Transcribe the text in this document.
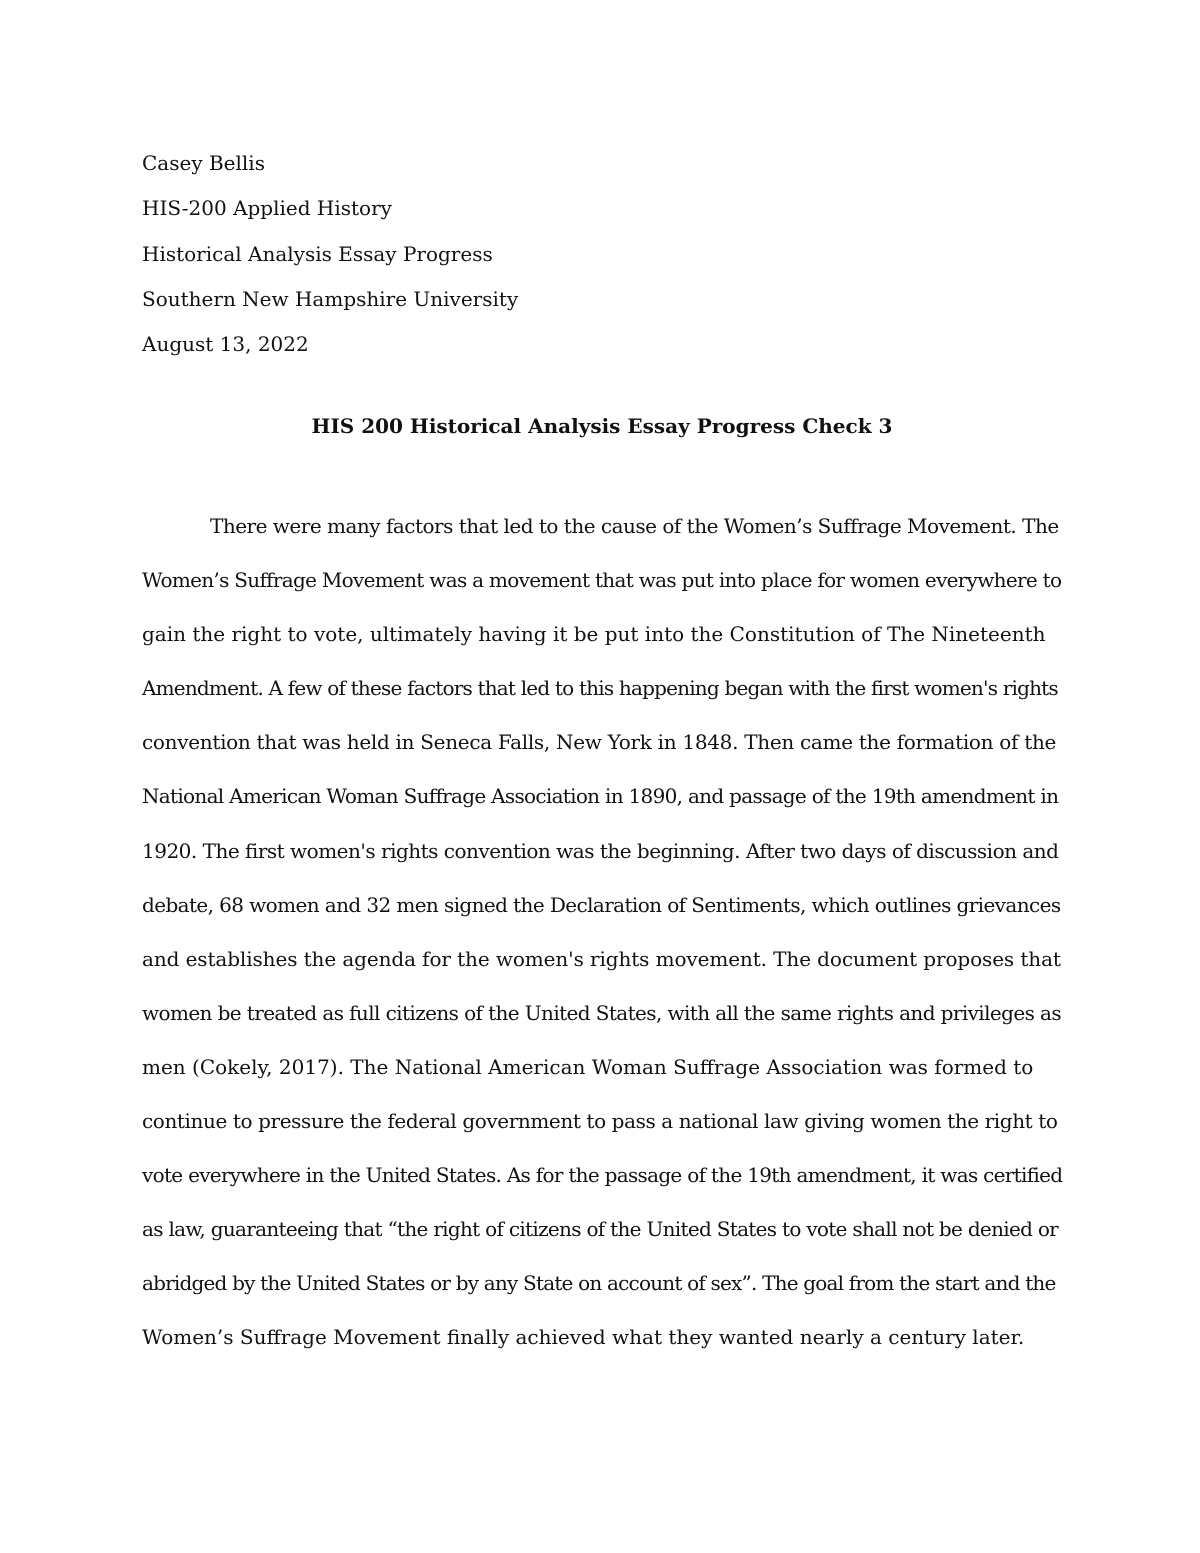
Casey Bellis
HIS-200 Applied History
Historical Analysis Essay Progress
Southern New Hampshire University
August 13, 2022
HIS 200 Historical Analysis Essay Progress Check 3
There were many factors that led to the cause of the Women’s Suffrage Movement. The
Women’s Suffrage Movement was a movement that was put into place for women everywhere to
gain the right to vote, ultimately having it be put into the Constitution of The Nineteenth
Amendment. A few of these factors that led to this happening began with the first women's rights
convention that was held in Seneca Falls, New York in 1848. Then came the formation of the
National American Woman Suffrage Association in 1890, and passage of the 19th amendment in
1920. The first women's rights convention was the beginning. After two days of discussion and
debate, 68 women and 32 men signed the Declaration of Sentiments, which outlines grievances
and establishes the agenda for the women's rights movement. The document proposes that
women be treated as full citizens of the United States, with all the same rights and privileges as
men (Cokely, 2017). The National American Woman Suffrage Association was formed to
continue to pressure the federal government to pass a national law giving women the right to
vote everywhere in the United States. As for the passage of the 19th amendment, it was certified
as law, guaranteeing that “the right of citizens of the United States to vote shall not be denied or
abridged by the United States or by any State on account of sex”. The goal from the start and the
Women’s Suffrage Movement finally achieved what they wanted nearly a century later.
